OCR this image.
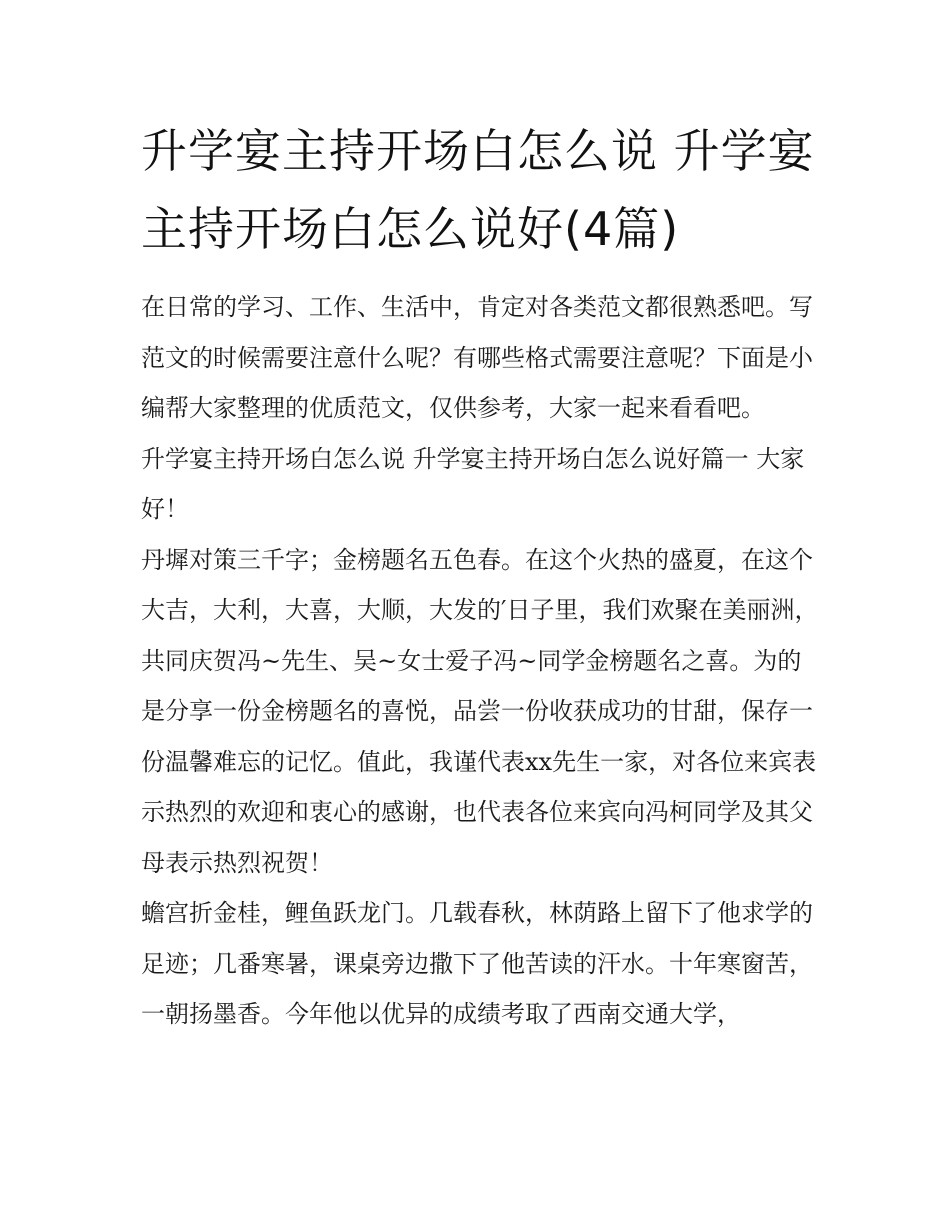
升学宴主持开场白怎么说 升学宴主持开场白怎么说好(4篇)

在日常的学习、工作、生活中，肯定对各类范文都很熟悉吧。写范文的时候需要注意什么呢？有哪些格式需要注意呢？下面是小编帮大家整理的优质范文，仅供参考，大家一起来看看吧。

升学宴主持开场白怎么说 升学宴主持开场白怎么说好篇一 大家好！

丹墀对策三千字；金榜题名五色春。在这个火热的盛夏，在这个大吉，大利，大喜，大顺，大发的′日子里，我们欢聚在美丽洲，共同庆贺冯~先生、吴~女士爱子冯~同学金榜题名之喜。为的是分享一份金榜题名的喜悦，品尝一份收获成功的甘甜，保存一份温馨难忘的记忆。值此，我谨代表xx先生一家，对各位来宾表示热烈的欢迎和衷心的感谢，也代表各位来宾向冯柯同学及其父母表示热烈祝贺！

蟾宫折金桂，鲤鱼跃龙门。几载春秋，林荫路上留下了他求学的足迹；几番寒暑，课桌旁边撒下了他苦读的汗水。十年寒窗苦，一朝扬墨香。今年他以优异的成绩考取了西南交通大学，
